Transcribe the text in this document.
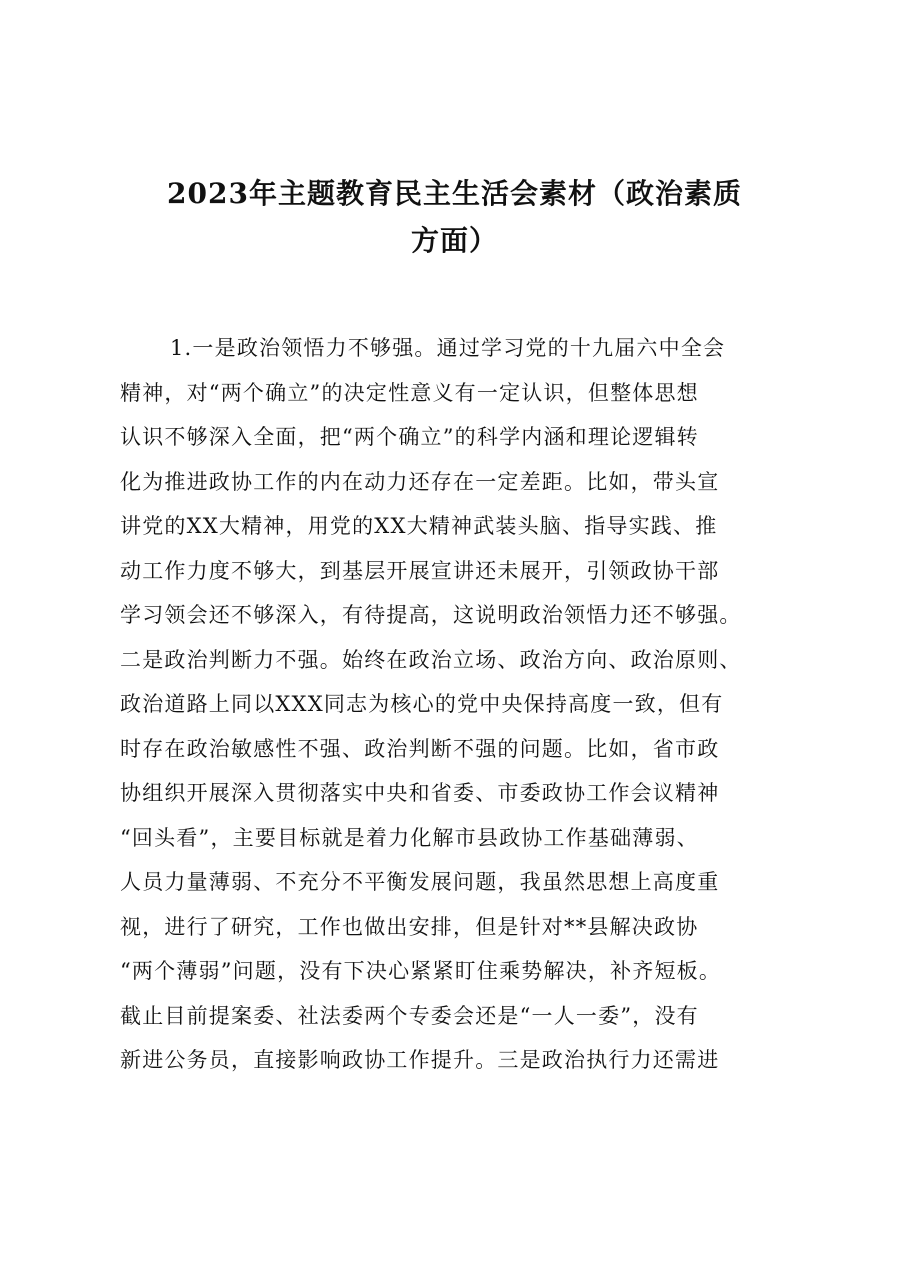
2023年主题教育民主生活会素材（政治素质
方面）
1.一是政治领悟力不够强。通过学习党的十九届六中全会
精神，对“两个确立”的决定性意义有一定认识，但整体思想
认识不够深入全面，把“两个确立”的科学内涵和理论逻辑转
化为推进政协工作的内在动力还存在一定差距。比如，带头宣
讲党的XX大精神，用党的XX大精神武装头脑、指导实践、推
动工作力度不够大，到基层开展宣讲还未展开，引领政协干部
学习领会还不够深入，有待提高，这说明政治领悟力还不够强。
二是政治判断力不强。始终在政治立场、政治方向、政治原则、
政治道路上同以XXX同志为核心的党中央保持高度一致，但有
时存在政治敏感性不强、政治判断不强的问题。比如，省市政
协组织开展深入贯彻落实中央和省委、市委政协工作会议精神
“回头看”，主要目标就是着力化解市县政协工作基础薄弱、
人员力量薄弱、不充分不平衡发展问题，我虽然思想上高度重
视，进行了研究，工作也做出安排，但是针对**县解决政协
“两个薄弱”问题，没有下决心紧紧盯住乘势解决，补齐短板。
截止目前提案委、社法委两个专委会还是“一人一委”，没有
新进公务员，直接影响政协工作提升。三是政治执行力还需进
